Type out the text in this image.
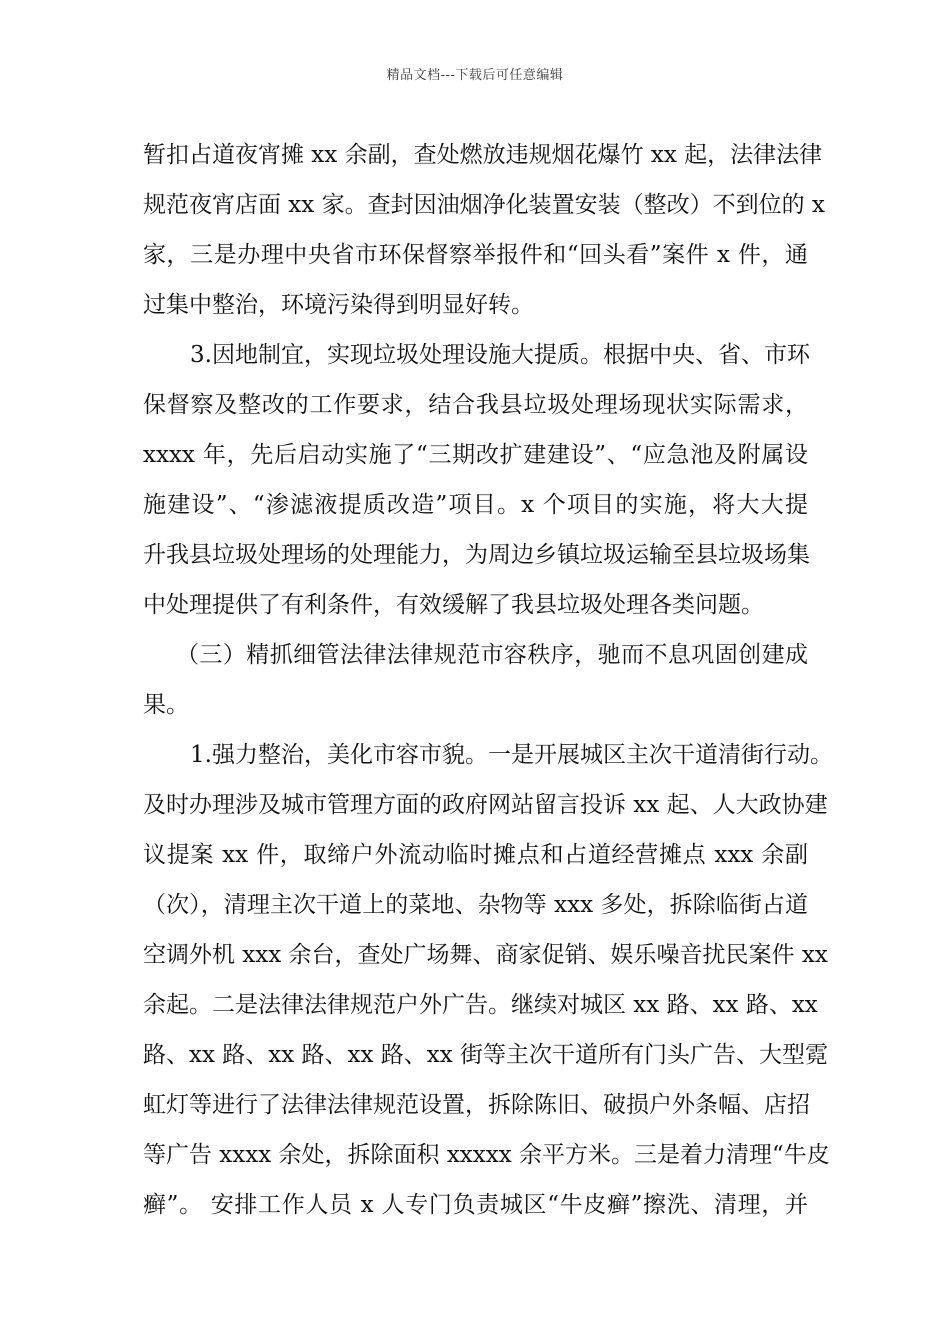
精品文档---下载后可任意编辑
暂扣占道夜宵摊 xx 余副，查处燃放违规烟花爆竹 xx 起，法律法律
规范夜宵店面 xx 家。查封因油烟净化装置安装（整改）不到位的 x
家，三是办理中央省市环保督察举报件和“回头看”案件 x 件，通
过集中整治，环境污染得到明显好转。
3.因地制宜，实现垃圾处理设施大提质。根据中央、省、市环
保督察及整改的工作要求，结合我县垃圾处理场现状实际需求，
xxxx 年，先后启动实施了“三期改扩建建设”、“应急池及附属设
施建设”、“渗滤液提质改造”项目。x 个项目的实施，将大大提
升我县垃圾处理场的处理能力，为周边乡镇垃圾运输至县垃圾场集
中处理提供了有利条件，有效缓解了我县垃圾处理各类问题。
（三）精抓细管法律法律规范市容秩序，驰而不息巩固创建成
果。
1.强力整治，美化市容市貌。一是开展城区主次干道清街行动。
及时办理涉及城市管理方面的政府网站留言投诉 xx 起、人大政协建
议提案 xx 件，取缔户外流动临时摊点和占道经营摊点 xxx 余副
（次），清理主次干道上的菜地、杂物等 xxx 多处，拆除临街占道
空调外机 xxx 余台，查处广场舞、商家促销、娱乐噪音扰民案件 xx
余起。二是法律法律规范户外广告。继续对城区 xx 路、xx 路、xx
路、xx 路、xx 路、xx 路、xx 街等主次干道所有门头广告、大型霓
虹灯等进行了法律法律规范设置，拆除陈旧、破损户外条幅、店招
等广告 xxxx 余处，拆除面积 xxxxx 余平方米。三是着力清理“牛皮
癣”。 安排工作人员 x 人专门负责城区“牛皮癣”擦洗、清理，并
